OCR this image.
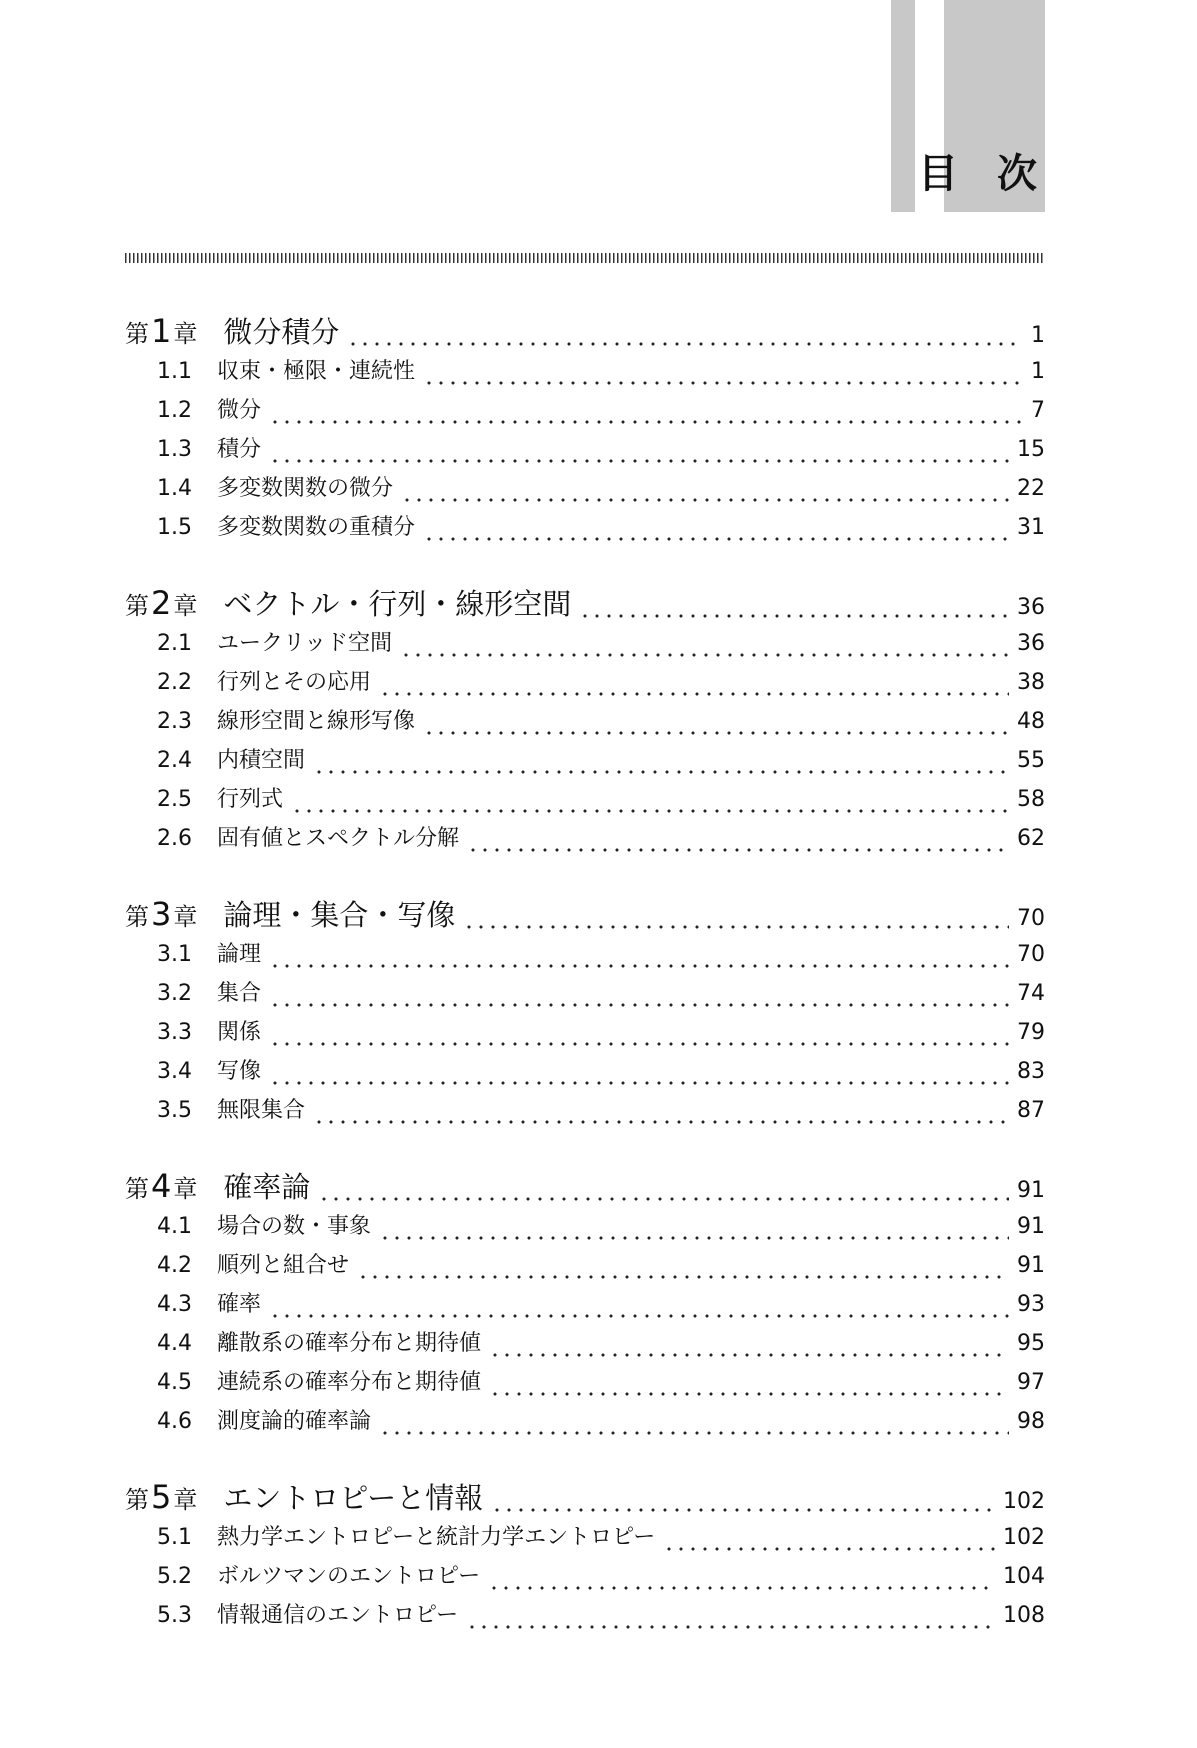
目 次
第1章 微分積分	1
1.1	収束・極限・連続性	1
1.2	微分	7
1.3	積分	15
1.4	多変数関数の微分	22
1.5	多変数関数の重積分	31
第2章 ベクトル・行列・線形空間	36
2.1	ユークリッド空間	36
2.2	行列とその応用	38
2.3	線形空間と線形写像	48
2.4	内積空間	55
2.5	行列式	58
2.6	固有値とスペクトル分解	62
第3章 論理・集合・写像	70
3.1	論理	70
3.2	集合	74
3.3	関係	79
3.4	写像	83
3.5	無限集合	87
第4章 確率論	91
4.1	場合の数・事象	91
4.2	順列と組合せ	91
4.3	確率	93
4.4	離散系の確率分布と期待値	95
4.5	連続系の確率分布と期待値	97
4.6	測度論的確率論	98
第5章 エントロピーと情報	102
5.1	熱力学エントロピーと統計力学エントロピー	102
5.2	ボルツマンのエントロピー	104
5.3	情報通信のエントロピー	108
